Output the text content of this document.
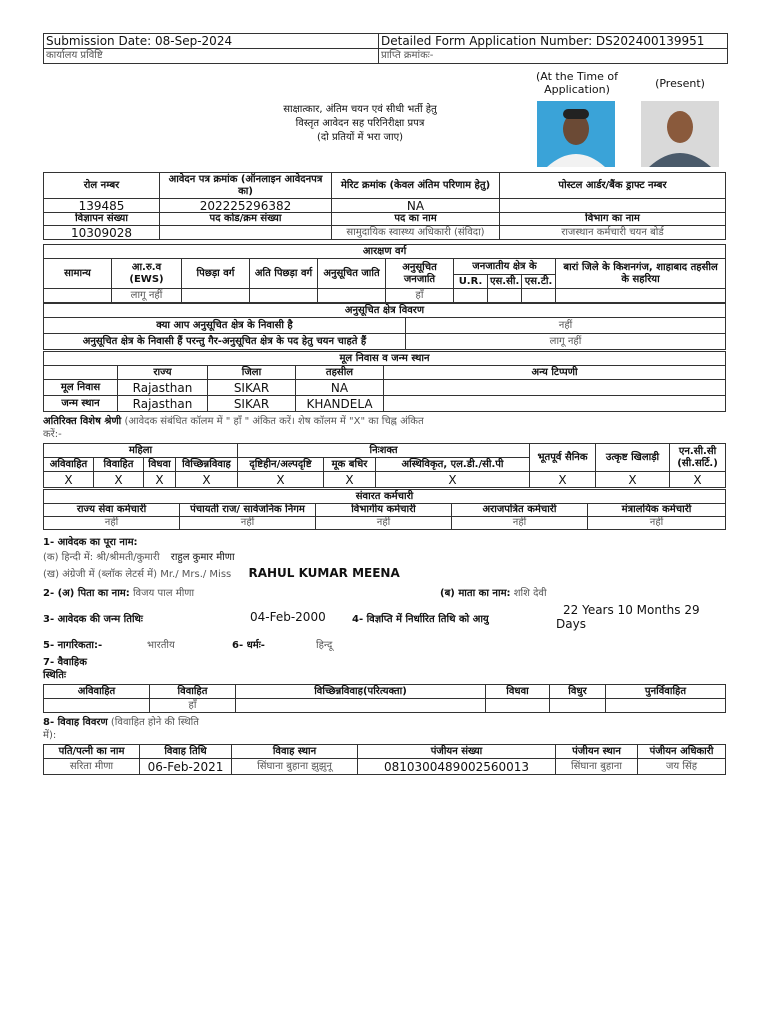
Submission Date: 08-Sep-2024	Detailed Form Application Number: DS202400139951
कार्यालय प्रविष्टि	प्राप्ति क्रमांकः-
(At the Time of Application)	(Present)
साक्षात्कार, अंतिम चयन एवं सीधी भर्ती हेतु
विस्तृत आवेदन सह परिनिरीक्षा प्रपत्र
(दो प्रतियों में भरा जाए)
रोल नम्बर	आवेदन पत्र क्रमांक (ऑनलाइन आवेदनपत्र का)	मेरिट क्रमांक (केवल अंतिम परिणाम हेतु)	पोस्टल आर्डर/बैंक ड्राफ्ट नम्बर
139485	202225296382	NA	
विज्ञापन संख्या	पद कोड/क्रम संख्या	पद का नाम	विभाग का नाम
10309028		सामुदायिक स्वास्थ्य अधिकारी (संविदा)	राजस्थान कर्मचारी चयन बोर्ड
आरक्षण वर्ग									
सामान्य	आ.रु.व (EWS)	पिछड़ा वर्ग	अति पिछड़ा वर्ग	अनुसूचित जाति	अनुसूचित जनजाति	जनजातीय क्षेत्र के			बारां जिले के किशनगंज, शाहाबाद तहसील के सहरिया
						U.R.	एस.सी.	एस.टी.	
	लागू नहीं				हाँ				
अनुसूचित क्षेत्र विवरण	
क्या आप अनुसूचित क्षेत्र के निवासी है	नहीं
अनुसूचित क्षेत्र के निवासी हैं परन्तु गैर-अनुसूचित क्षेत्र के पद हेतु चयन चाहते हैं	लागू नहीं
मूल निवास व जन्म स्थान				
	राज्य	जिला	तहसील	अन्य टिप्पणी
मूल निवास	Rajasthan	SIKAR	NA	
जन्म स्थान	Rajasthan	SIKAR	KHANDELA	
अतिरिक्त विशेष श्रेणी (आवेदक संबंधित कॉलम में " हाँ " अंकित करें। शेष कॉलम में "X" का चिह्न अंकित
करें:-
महिला				निःशक्त			भूतपूर्व सैनिक	उत्कृष्ट खिलाड़ी	एन.सी.सी (सी.सर्टि.)
अविवाहित	विवाहित	विधवा	विच्छिन्नविवाह	दृष्टिहीन/अल्पदृष्टि	मूक बधिर	अस्थिविकृत, एल.डी./सी.पी			
X	X	X	X	X	X	X	X	X	X
संवारत कर्मचारी				
राज्य सेवा कर्मचारी	पंचायती राज/ सार्वजनिक निगम	विभागीय कर्मचारी	अराजपत्रित कर्मचारी	मंत्रालयिक कर्मचारी
नहीं	नहीं	नहीं	नहीं	नहीं
1- आवेदक का पूरा नाम:
(क) हिन्दी में: श्री/श्रीमती/कुमारी राहुल कुमार मीणा
(ख) अंग्रेजी में (ब्लॉक लेटर्स में) Mr./ Mrs./ Miss RAHUL KUMAR MEENA
2- (अ) पिता का नाम: विजय पाल मीणा	(ब) माता का नाम: शशि देवी
3- आवेदक की जन्म तिथिः	04-Feb-2000	4- विज्ञप्ति में निर्धारित तिथि को आयु
22 Years 10 Months 29
Days
5- नागरिकता:-	भारतीय	6- धर्मः-	हिन्दू
7- वैवाहिक
स्थितिः
अविवाहित	विवाहित	विच्छिन्नविवाह(परित्यक्ता)	विधवा	विधुर	पुनर्विवाहित
	हाँ				
8- विवाह विवरण (विवाहित होने की स्थिति
में):
पति/पत्नी का नाम	विवाह तिथि	विवाह स्थान	पंजीयन संख्या	पंजीयन स्थान	पंजीयन अधिकारी
सरिता मीणा	06-Feb-2021	सिंघाना बुहाना झुझुनू	0810300489002560013	सिंघाना बुहाना	जय सिंह
